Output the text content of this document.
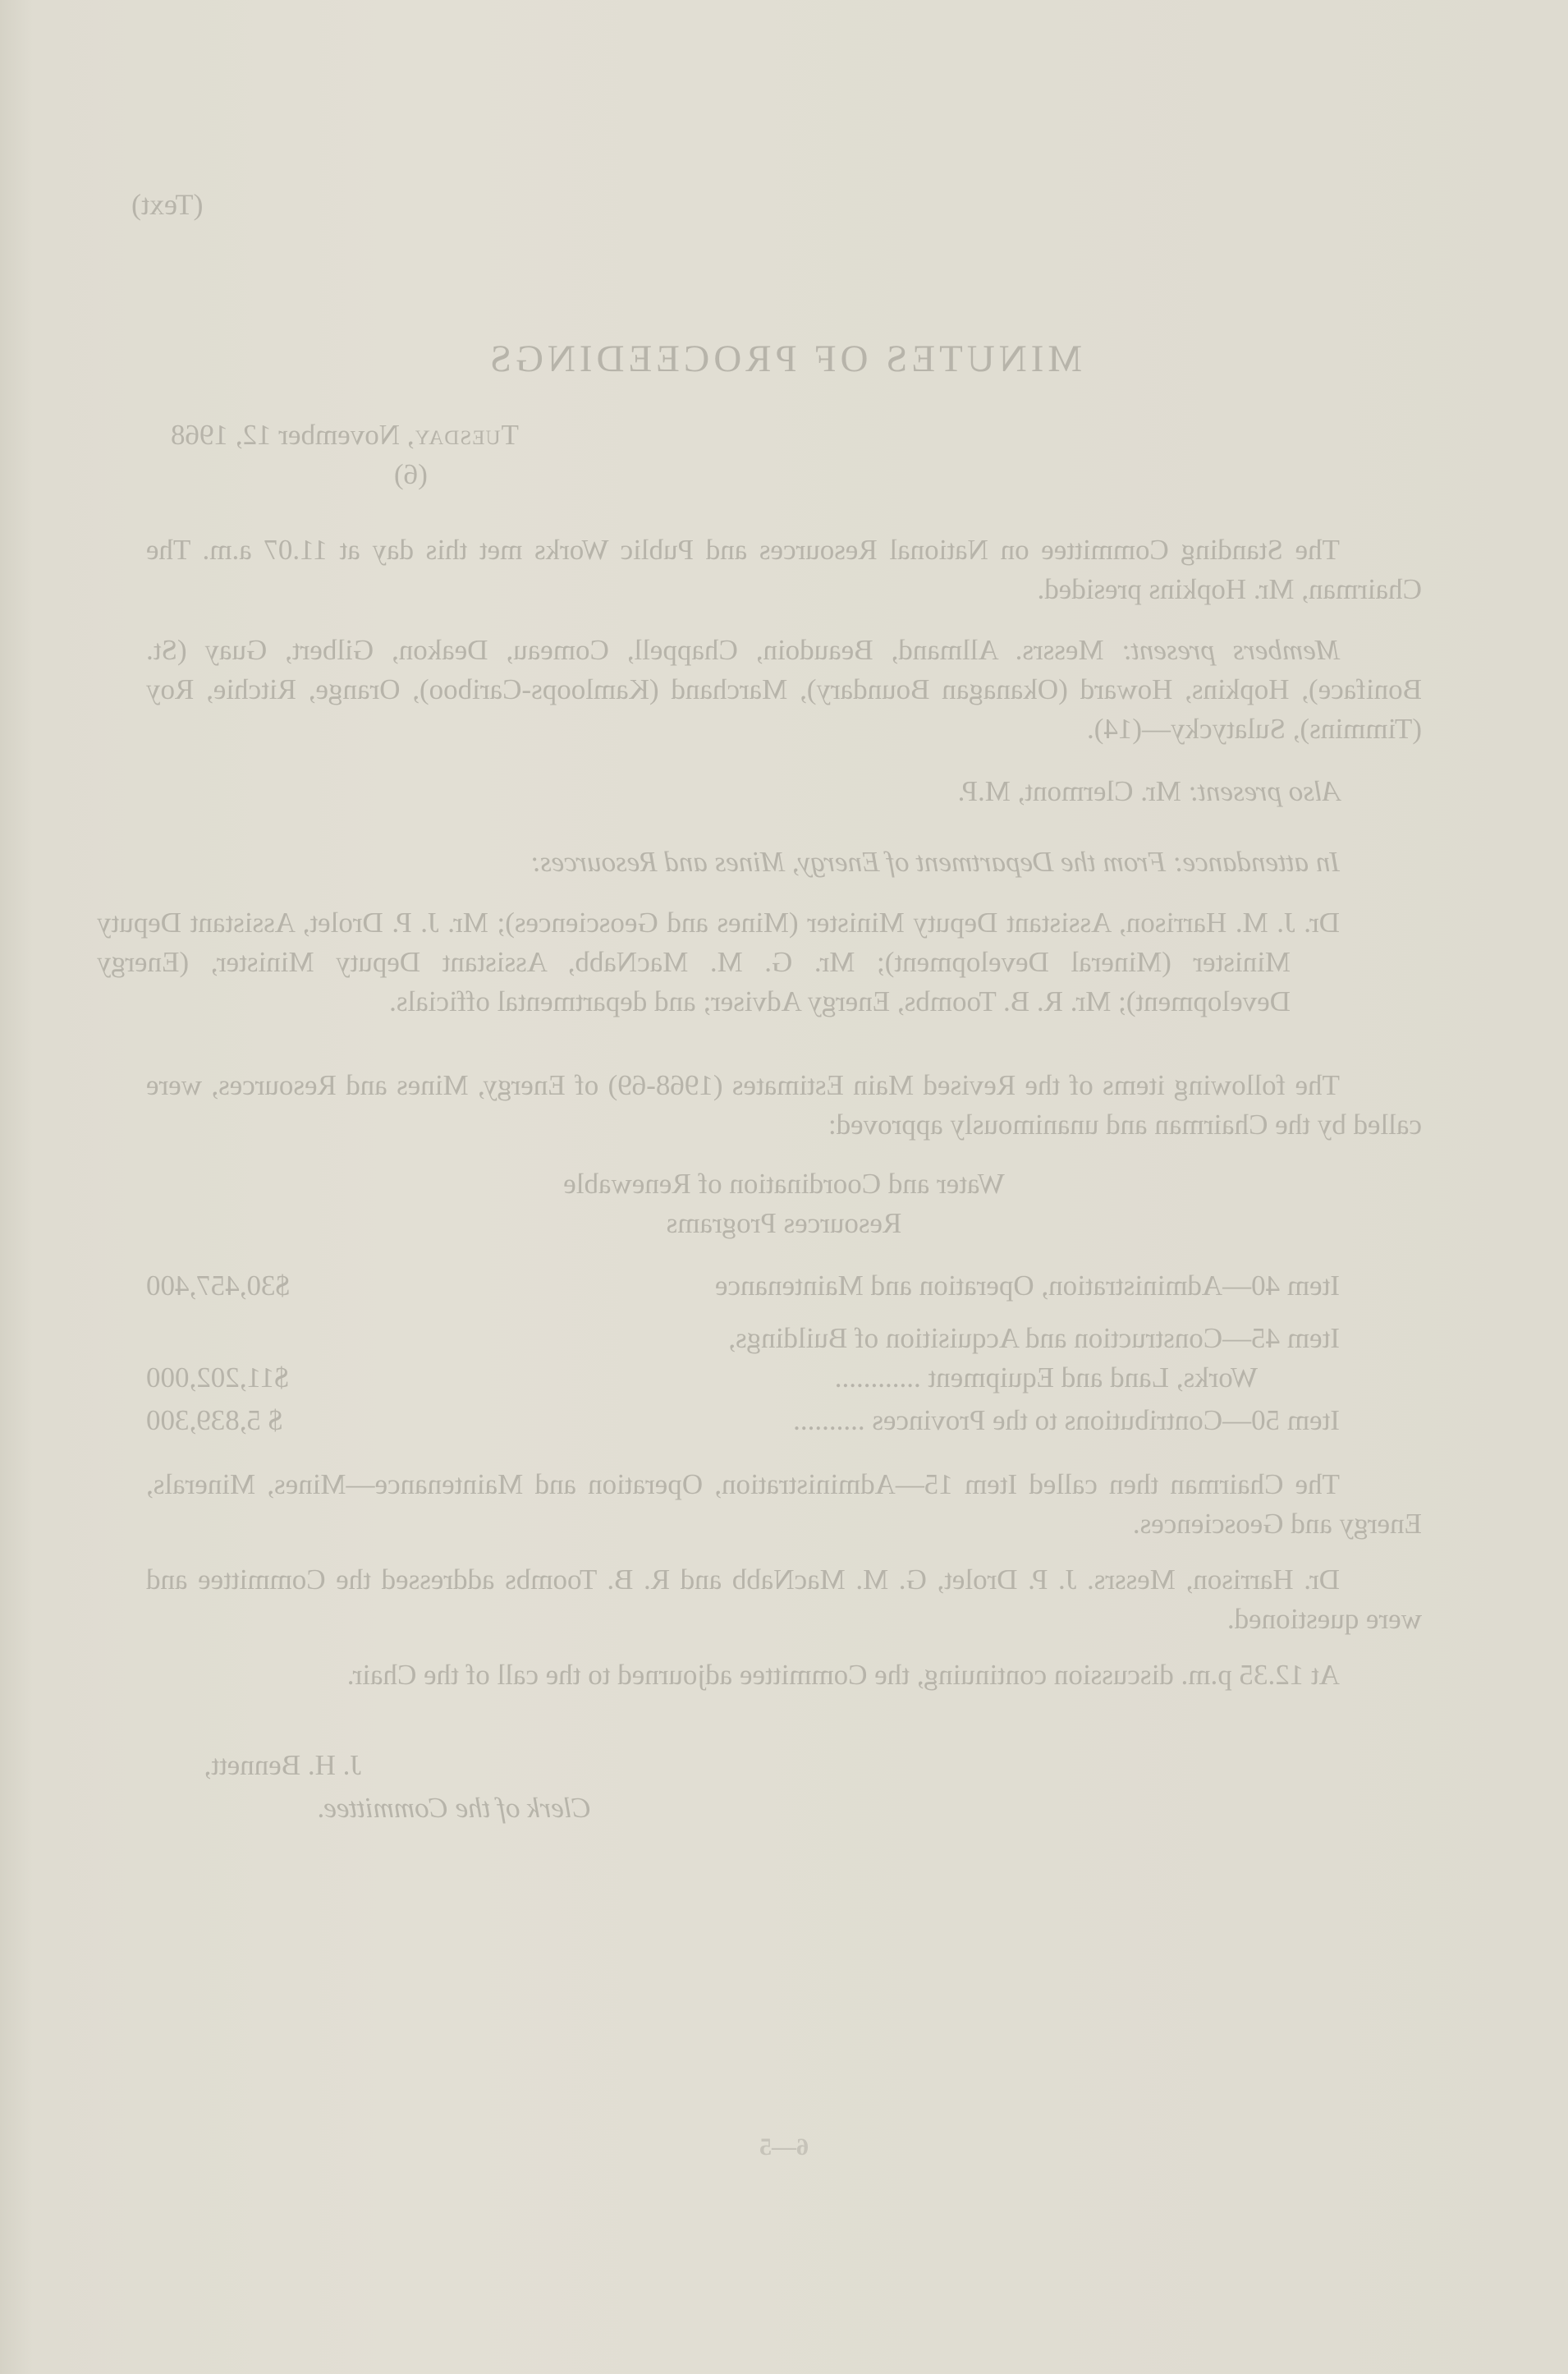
(Text)
MINUTES OF PROCEEDINGS
Tuesday, November 12, 1968
(6)

The Standing Committee on National Resources and Public Works met this day at 11.07 a.m. The Chairman, Mr. Hopkins presided.

Members present: Messrs. Allmand, Beaudoin, Chappell, Comeau, Deakon, Gilbert, Guay (St. Boniface), Hopkins, Howard (Okanagan Boundary), Marchand (Kamloops-Cariboo), Orange, Ritchie, Roy (Timmins), Sulatycky—(14).

Also present: Mr. Clermont, M.P.

In attendance: From the Department of Energy, Mines and Resources:

Dr. J. M. Harrison, Assistant Deputy Minister (Mines and Geosciences); Mr. J. P. Drolet, Assistant Deputy Minister (Mineral Development); Mr. G. M. MacNabb, Assistant Deputy Minister, (Energy Development); Mr. R. B. Toombs, Energy Adviser; and departmental officials.

The following items of the Revised Main Estimates (1968-69) of Energy, Mines and Resources, were called by the Chairman and unanimously approved:

Water and Coordination of Renewable
Resources Programs
Item 40—Administration, Operation and Maintenance
$30,457,400
Item 45—Construction and Acquisition of Buildings,
Works, Land and Equipment ............
$11,202,000
Item 50—Contributions to the Provinces ..........
$ 5,839,300

The Chairman then called Item 15—Administration, Operation and Maintenance—Mines, Minerals, Energy and Geosciences.

Dr. Harrison, Messrs. J. P. Drolet, G. M. MacNabb and R. B. Toombs addressed the Committee and were questioned.

At 12.35 p.m. discussion continuing, the Committee adjourned to the call of the Chair.

J. H. Bennett,
Clerk of the Committee.
6—5
